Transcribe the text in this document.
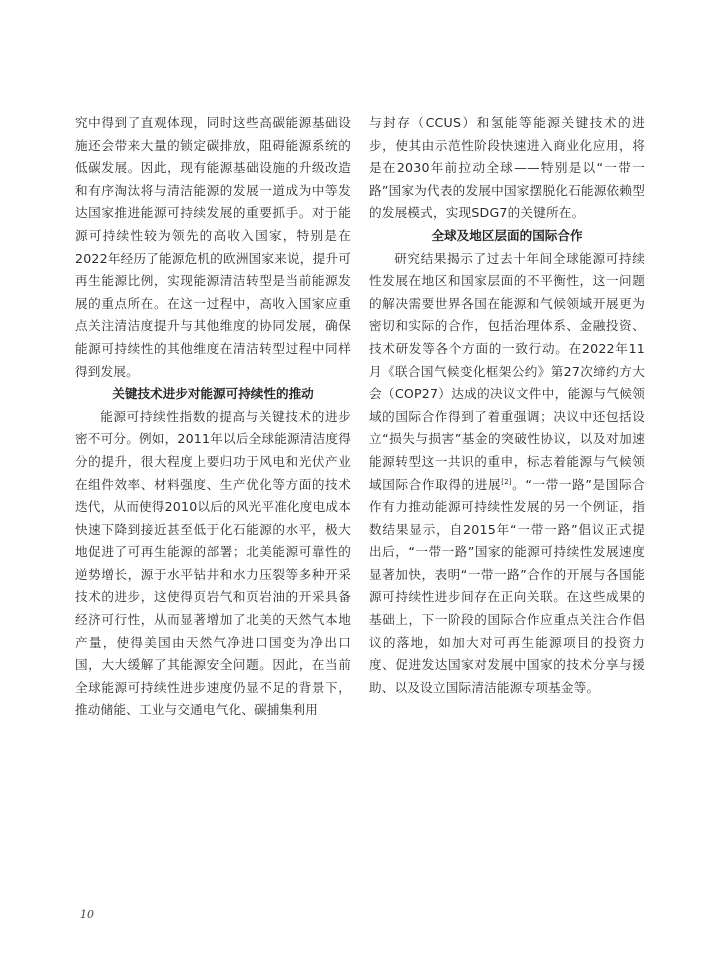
究中得到了直观体现，同时这些高碳能源基础设施还会带来大量的锁定碳排放，阻碍能源系统的低碳发展。因此，现有能源基础设施的升级改造和有序淘汰将与清洁能源的发展一道成为中等发达国家推进能源可持续发展的重要抓手。对于能源可持续性较为领先的高收入国家，特别是在2022年经历了能源危机的欧洲国家来说，提升可再生能源比例，实现能源清洁转型是当前能源发展的重点所在。在这一过程中，高收入国家应重点关注清洁度提升与其他维度的协同发展，确保能源可持续性的其他维度在清洁转型过程中同样得到发展。

关键技术进步对能源可持续性的推动

能源可持续性指数的提高与关键技术的进步密不可分。例如，2011年以后全球能源清洁度得分的提升，很大程度上要归功于风电和光伏产业在组件效率、材料强度、生产优化等方面的技术迭代，从而使得2010以后的风光平准化度电成本快速下降到接近甚至低于化石能源的水平，极大地促进了可再生能源的部署；北美能源可靠性的逆势增长，源于水平钻井和水力压裂等多种开采技术的进步，这使得页岩气和页岩油的开采具备经济可行性，从而显著增加了北美的天然气本地产量，使得美国由天然气净进口国变为净出口国，大大缓解了其能源安全问题。因此，在当前全球能源可持续性进步速度仍显不足的背景下，推动储能、工业与交通电气化、碳捕集利用

与封存（CCUS）和氢能等能源关键技术的进步，使其由示范性阶段快速进入商业化应用，将是在2030年前拉动全球——特别是以“一带一路”国家为代表的发展中国家摆脱化石能源依赖型的发展模式，实现SDG7的关键所在。

全球及地区层面的国际合作

研究结果揭示了过去十年间全球能源可持续性发展在地区和国家层面的不平衡性，这一问题的解决需要世界各国在能源和气候领域开展更为密切和实际的合作，包括治理体系、金融投资、技术研发等各个方面的一致行动。在2022年11月《联合国气候变化框架公约》第27次缔约方大会（COP27）达成的决议文件中，能源与气候领域的国际合作得到了着重强调；决议中还包括设立“损失与损害”基金的突破性协议，以及对加速能源转型这一共识的重申，标志着能源与气候领域国际合作取得的进展[2]。“一带一路”是国际合作有力推动能源可持续性发展的另一个例证，指数结果显示，自2015年“一带一路”倡议正式提出后，“一带一路”国家的能源可持续性发展速度显著加快，表明“一带一路”合作的开展与各国能源可持续性进步间存在正向关联。在这些成果的基础上，下一阶段的国际合作应重点关注合作倡议的落地，如加大对可再生能源项目的投资力度、促进发达国家对发展中国家的技术分享与援助、以及设立国际清洁能源专项基金等。

10
